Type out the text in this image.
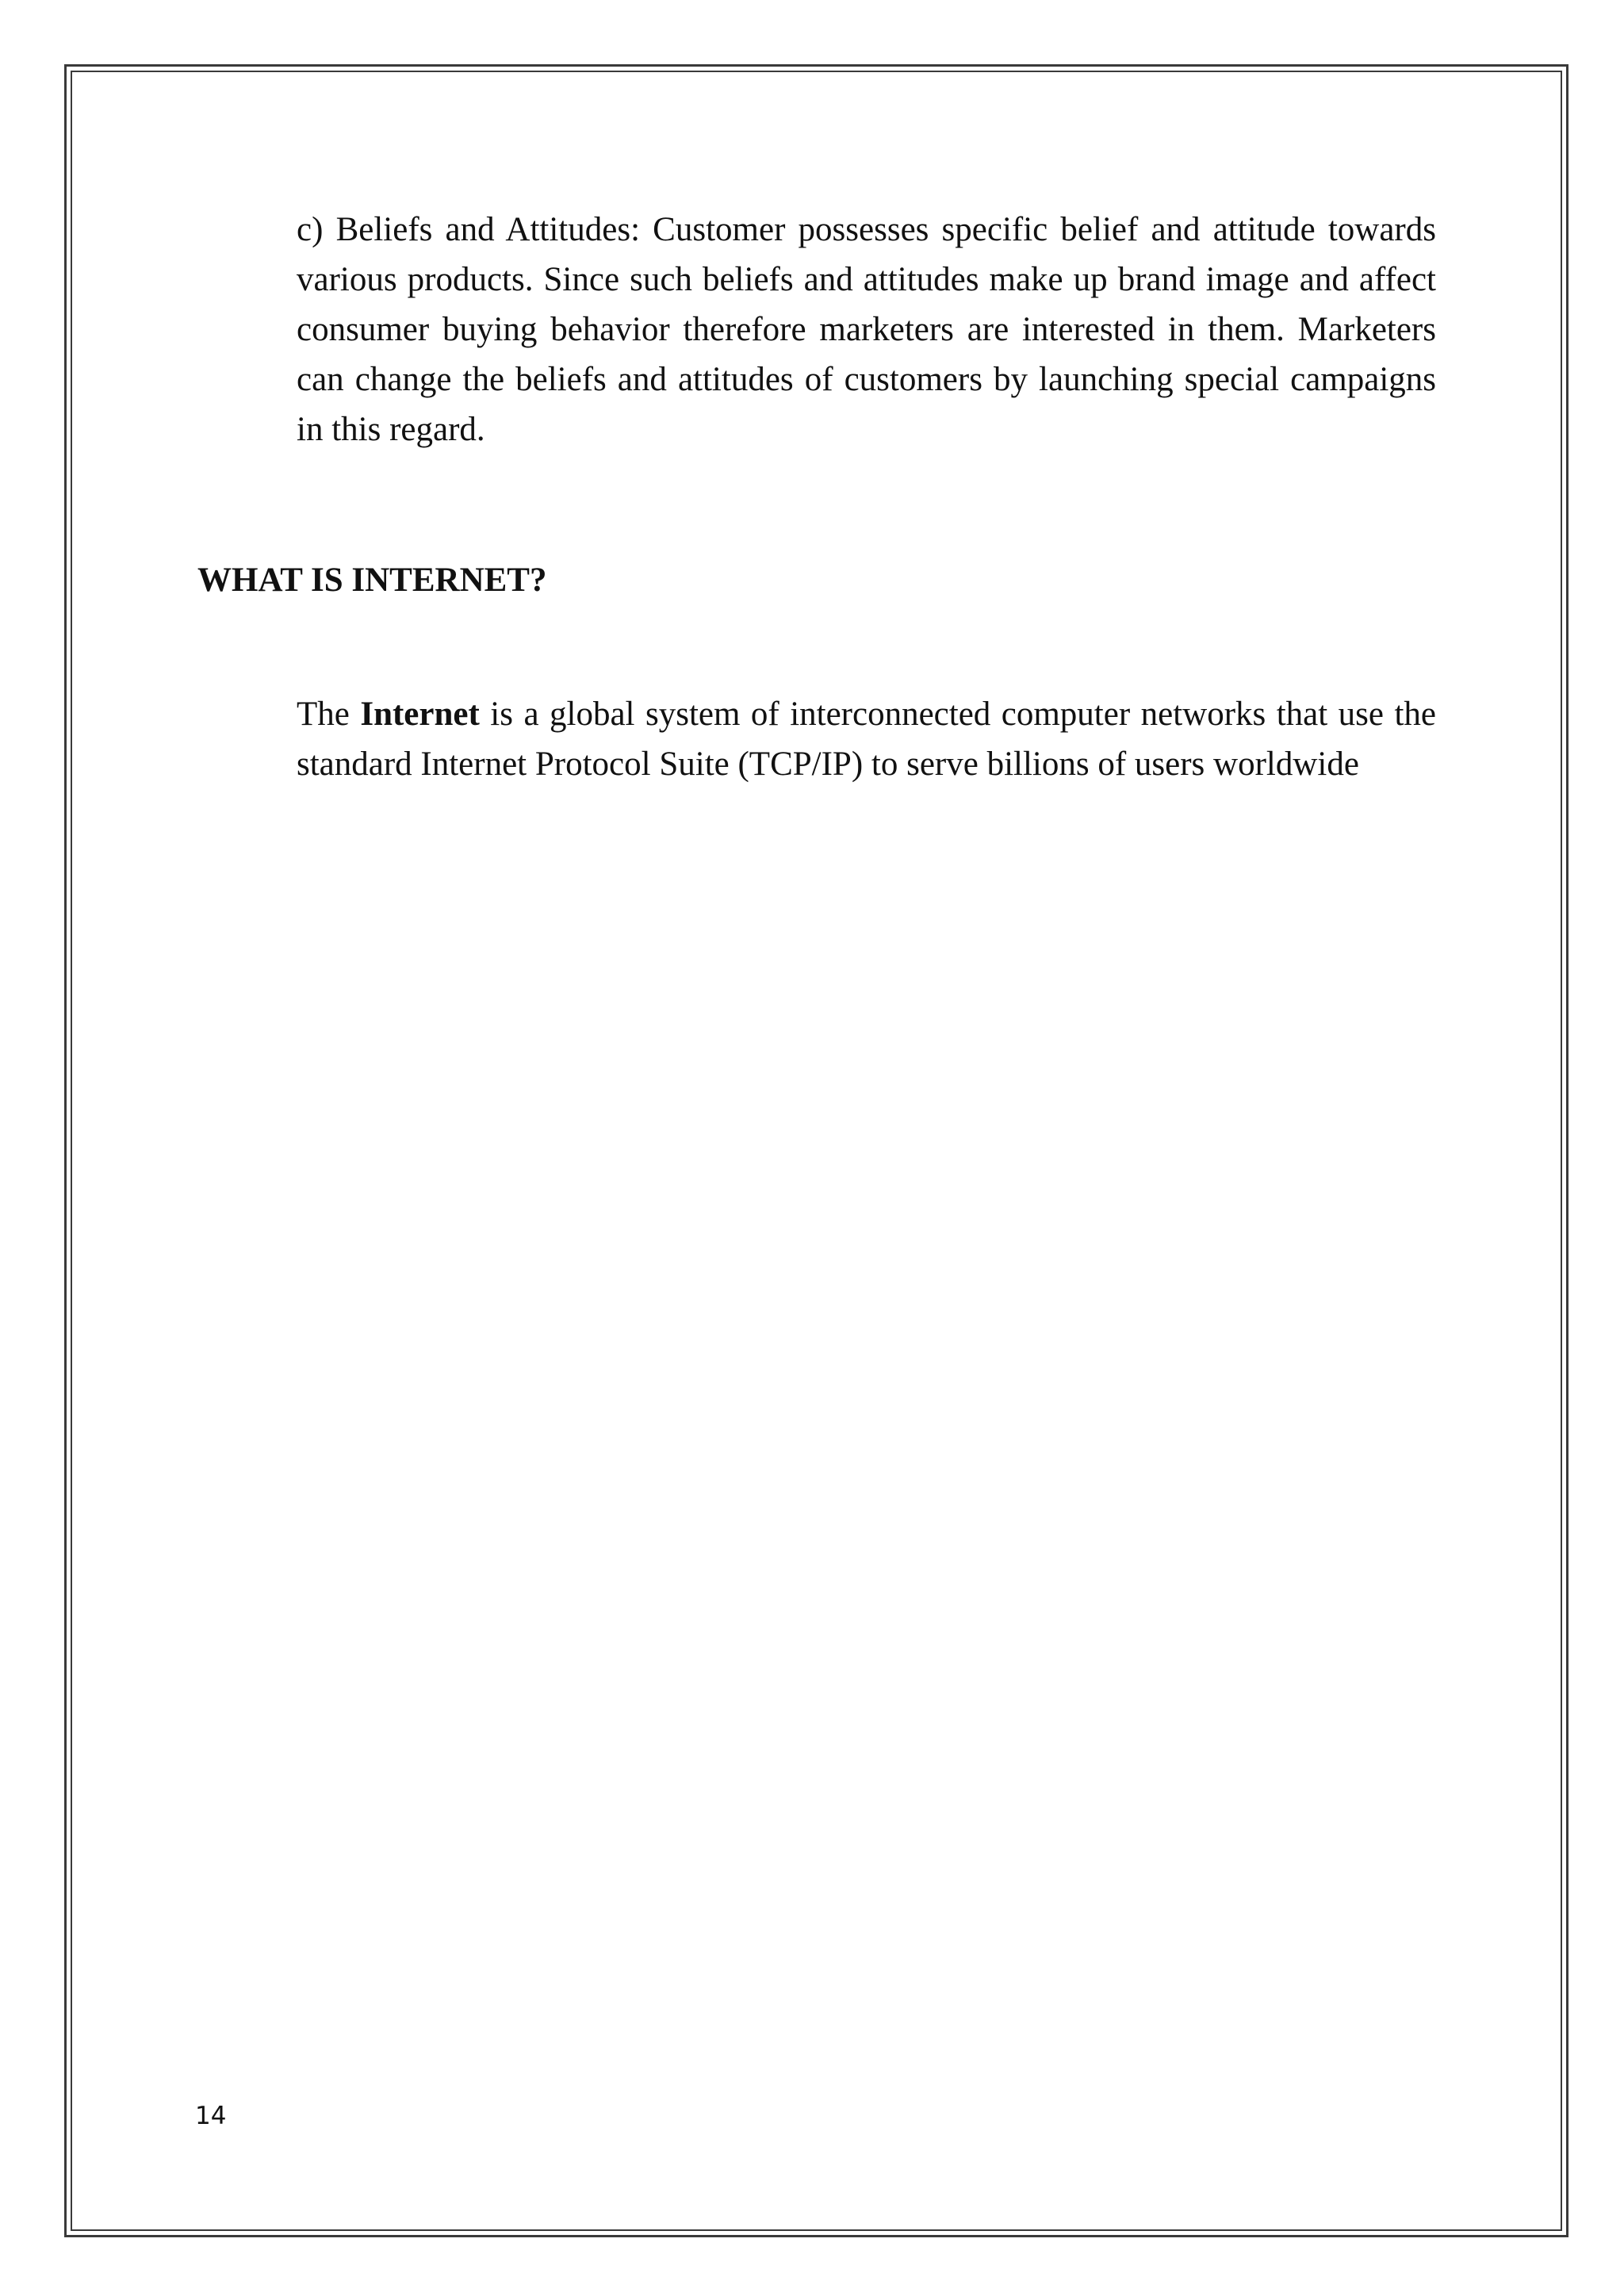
c) Beliefs and Attitudes: Customer possesses specific belief and attitude towards various products. Since such beliefs and attitudes make up brand image and affect consumer buying behavior therefore marketers are interested in them. Marketers can change the beliefs and attitudes of customers by launching special campaigns in this regard.

WHAT IS INTERNET?

The Internet is a global system of interconnected computer networks that use the standard Internet Protocol Suite (TCP/IP) to serve billions of users worldwide

14
